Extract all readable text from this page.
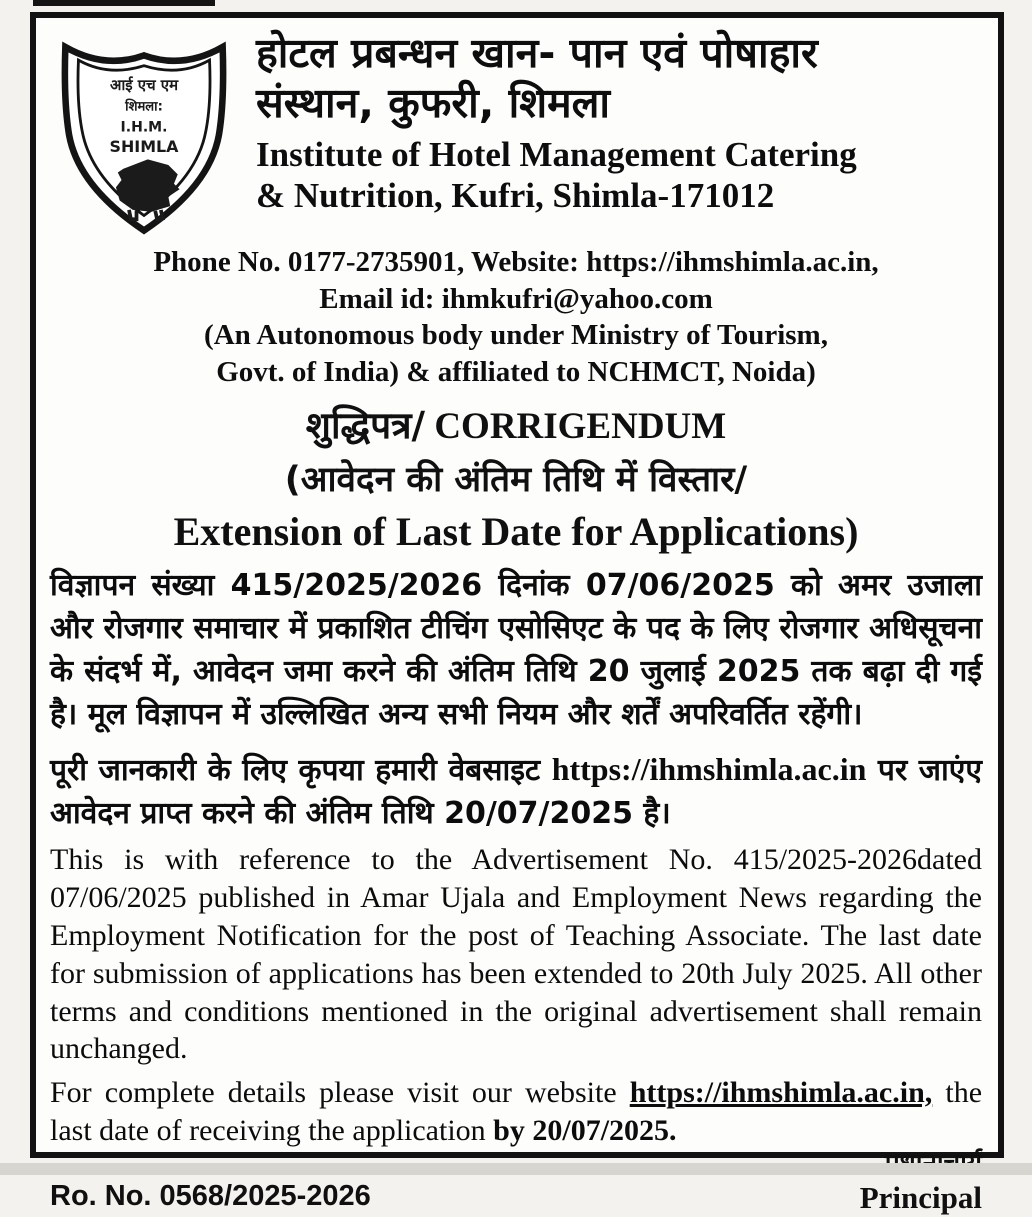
आई एच एम
शिमला:
I.H.M.
SHIMLA
होटल प्रबन्धन खान- पान एवं पोषाहार
संस्थान, कुफरी, शिमला
Institute of Hotel Management Catering
& Nutrition, Kufri, Shimla-171012
Phone No. 0177-2735901, Website: https://ihmshimla.ac.in,
Email id: ihmkufri@yahoo.com
(An Autonomous body under Ministry of Tourism,
Govt. of India) & affiliated to NCHMCT, Noida)
शुद्धिपत्र/ CORRIGENDUM
(आवेदन की अंतिम तिथि में विस्तार/
Extension of Last Date for Applications)

विज्ञापन संख्या 415/2025/2026 दिनांक 07/06/2025 को अमर उजाला और रोजगार समाचार में प्रकाशित टीचिंग एसोसिएट के पद के लिए रोजगार अधिसूचना के संदर्भ में, आवेदन जमा करने की अंतिम तिथि 20 जुलाई 2025 तक बढ़ा दी गई है। मूल विज्ञापन में उल्लिखित अन्य सभी नियम और शर्तें अपरिवर्तित रहेंगी।

पूरी जानकारी के लिए कृपया हमारी वेबसाइट https://ihmshimla.ac.in पर जाएंए आवेदन प्राप्त करने की अंतिम तिथि 20/07/2025 है।

This is with reference to the Advertisement No. 415/2025-2026dated 07/06/2025 published in Amar Ujala and Employment News regarding the Employment Notification for the post of Teaching Associate. The last date for submission of applications has been extended to 20th July 2025. All other terms and conditions mentioned in the original advertisement shall remain unchanged.

For complete details please visit our website https://ihmshimla.ac.in, the last date of receiving the application by 20/07/2025.

Ro. No. 0568/2025-2026	Principal
